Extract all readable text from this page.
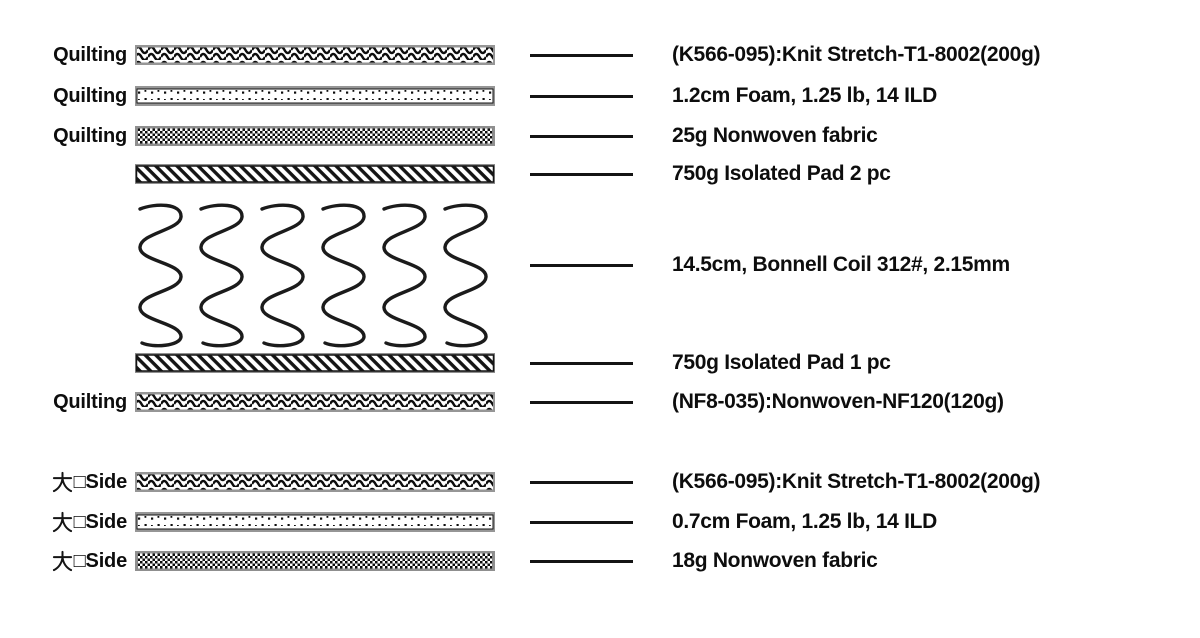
Quilting	(K566-095):Knit Stretch-T1-8002(200g)
Quilting	1.2cm Foam, 1.25 lb, 14 ILD
Quilting	25g Nonwoven fabric
750g Isolated Pad 2 pc
14.5cm, Bonnell Coil 312#, 2.15mm
750g Isolated Pad 1 pc
Quilting	(NF8-035):Nonwoven-NF120(120g)
□Side	(K566-095):Knit Stretch-T1-8002(200g)
□Side	0.7cm Foam, 1.25 lb, 14 ILD
□Side	18g Nonwoven fabric
